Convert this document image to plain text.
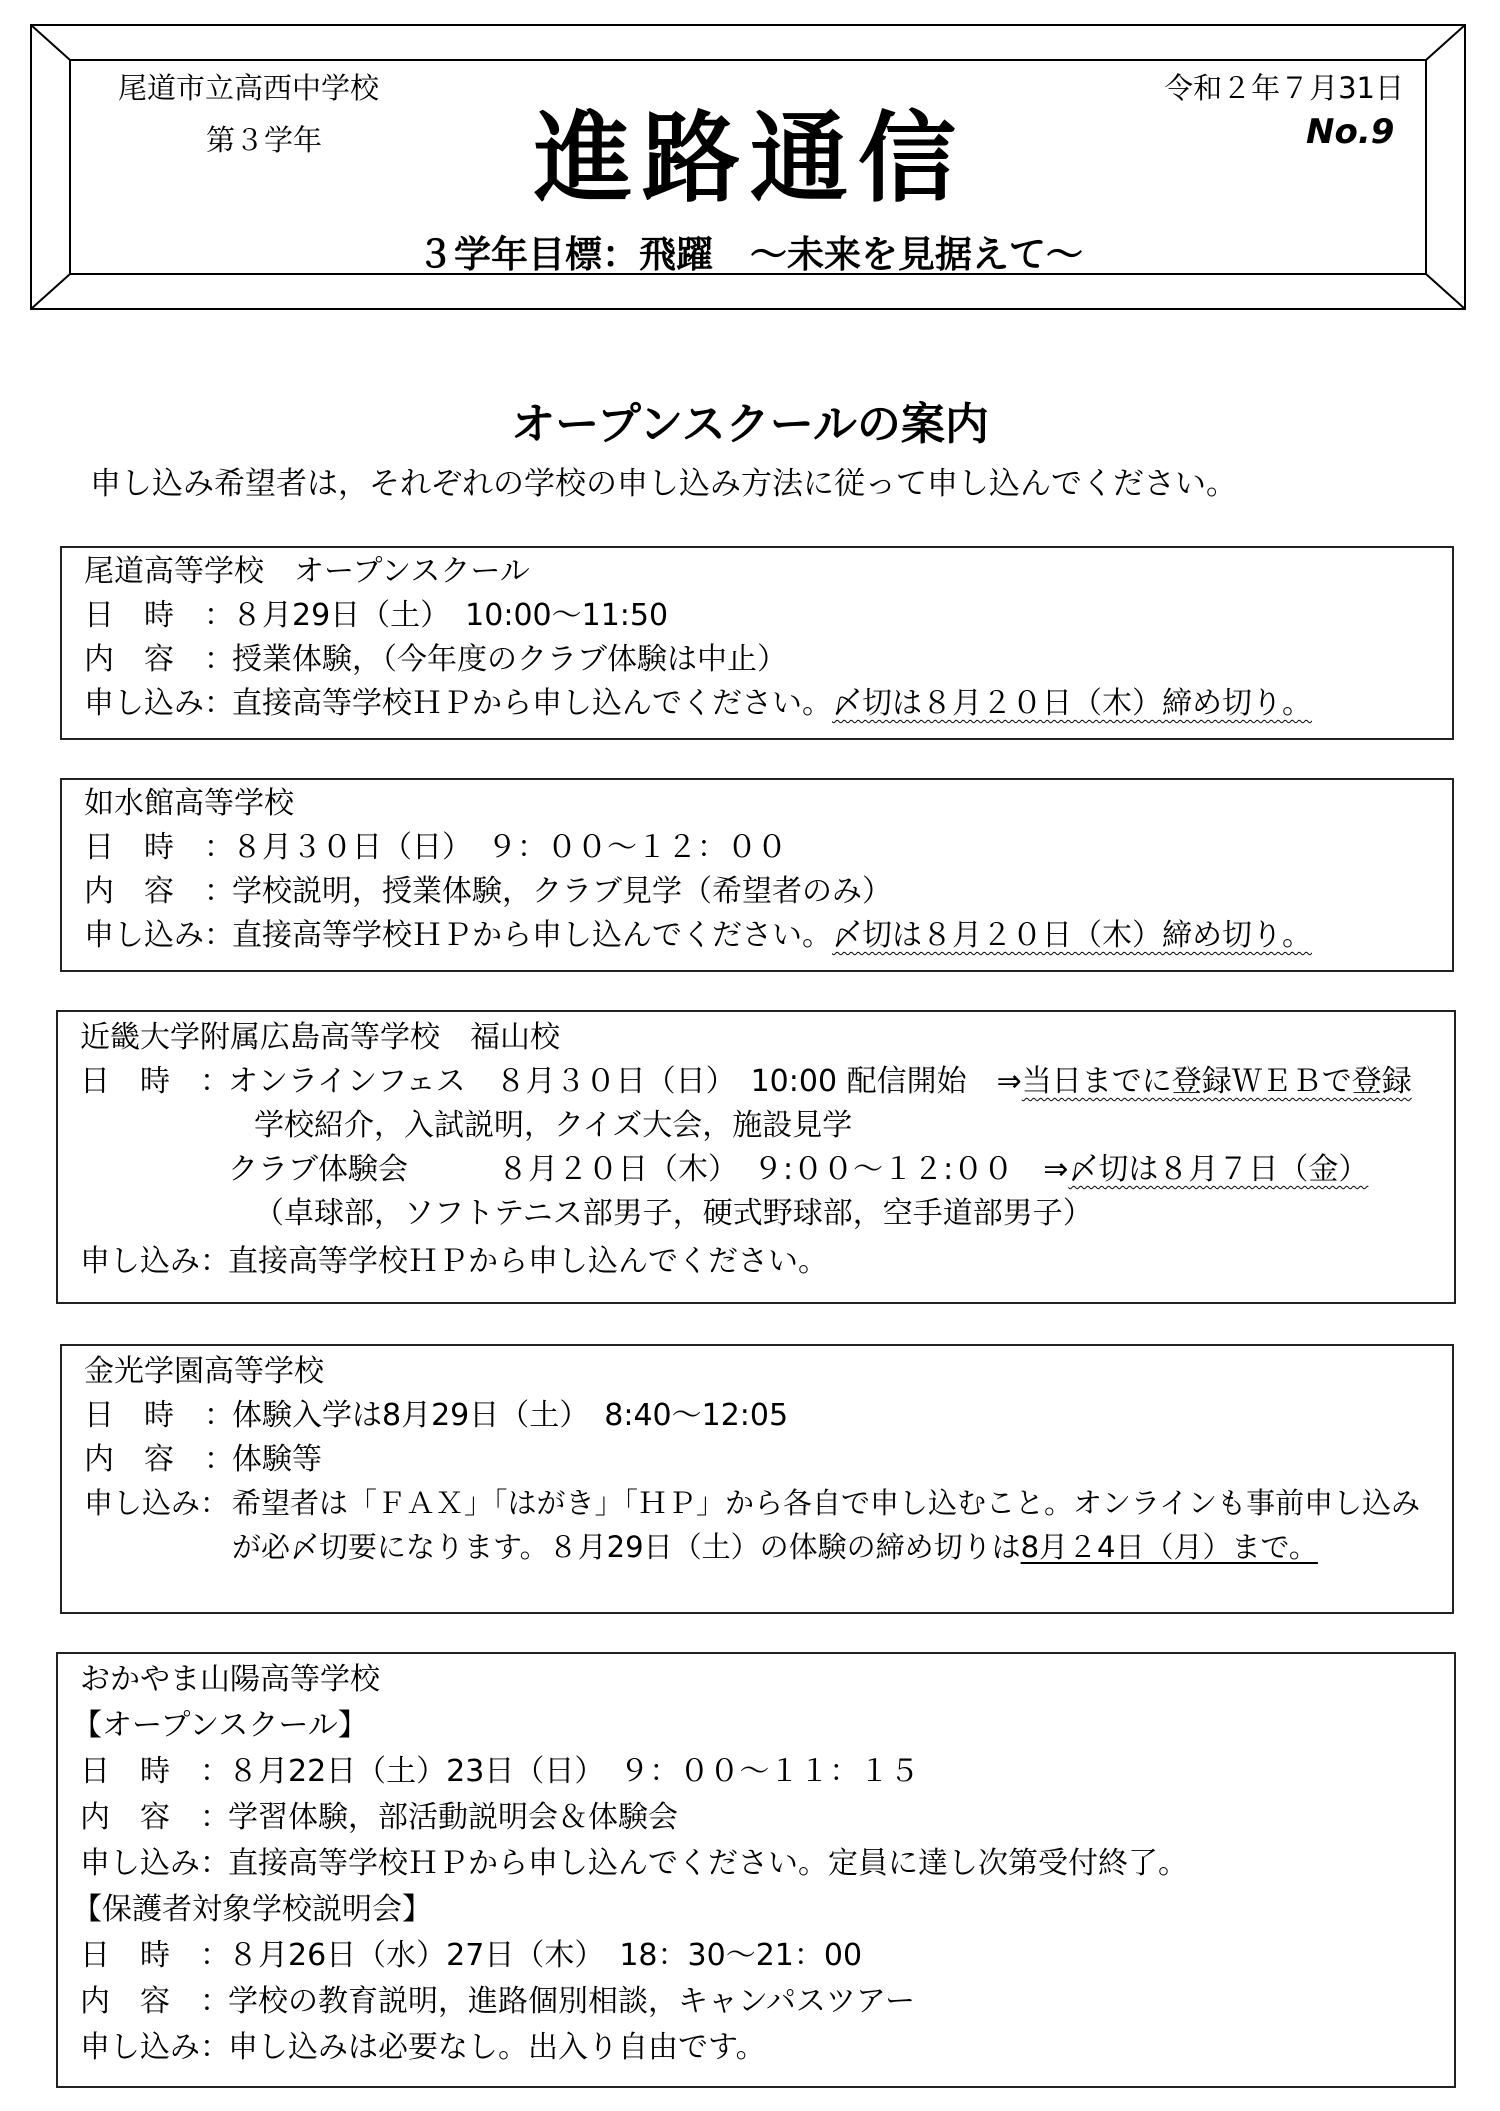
尾道市立高西中学校
第３学年
令和２年７月31日
No.9
進路通信
３学年目標：飛躍　～未来を見据えて～
オープンスクールの案内
申し込み希望者は，それぞれの学校の申し込み方法に従って申し込んでください。
尾道高等学校　オープンスクール
日　時　：８月29日（土）　10:00～11:50
内　容　：授業体験，（今年度のクラブ体験は中止）
申し込み：直接高等学校ＨＰから申し込んでください。〆切は８月２０日（木）締め切り。
如水館高等学校
日　時　：８月３０日（日）　９：００～１２：００
内　容　：学校説明，授業体験，クラブ見学（希望者のみ）
申し込み：直接高等学校ＨＰから申し込んでください。〆切は８月２０日（木）締め切り。
近畿大学附属広島高等学校　福山校
日　時　：オンラインフェス　８月３０日（日）　10:00 配信開始　⇒当日までに登録ＷＥＢで登録
学校紹介，入試説明，クイズ大会，施設見学
クラブ体験会　　　８月２０日（木）　９:００～１２:００　⇒〆切は８月７日（金）
（卓球部，ソフトテニス部男子，硬式野球部，空手道部男子）
申し込み：直接高等学校ＨＰから申し込んでください。
金光学園高等学校
日　時　：体験入学は8月29日（土）　8:40～12:05
内　容　：体験等
申し込み： 希望者は「ＦＡＸ」「はがき」「ＨＰ」から各自で申し込むこと。オンラインも事前申し込み
が必〆切要になります。８月29日（土）の体験の締め切りは8月２4日（月）まで。
おかやま山陽高等学校
【オープンスクール】
日　時　：８月22日（土）23日（日）　９：００～１１：１５
内　容　：学習体験，部活動説明会＆体験会
申し込み：直接高等学校ＨＰから申し込んでください。定員に達し次第受付終了。
【保護者対象学校説明会】
日　時　：８月26日（水）27日（木）　18：30～21：00
内　容　：学校の教育説明，進路個別相談，キャンパスツアー
申し込み：申し込みは必要なし。出入り自由です。
